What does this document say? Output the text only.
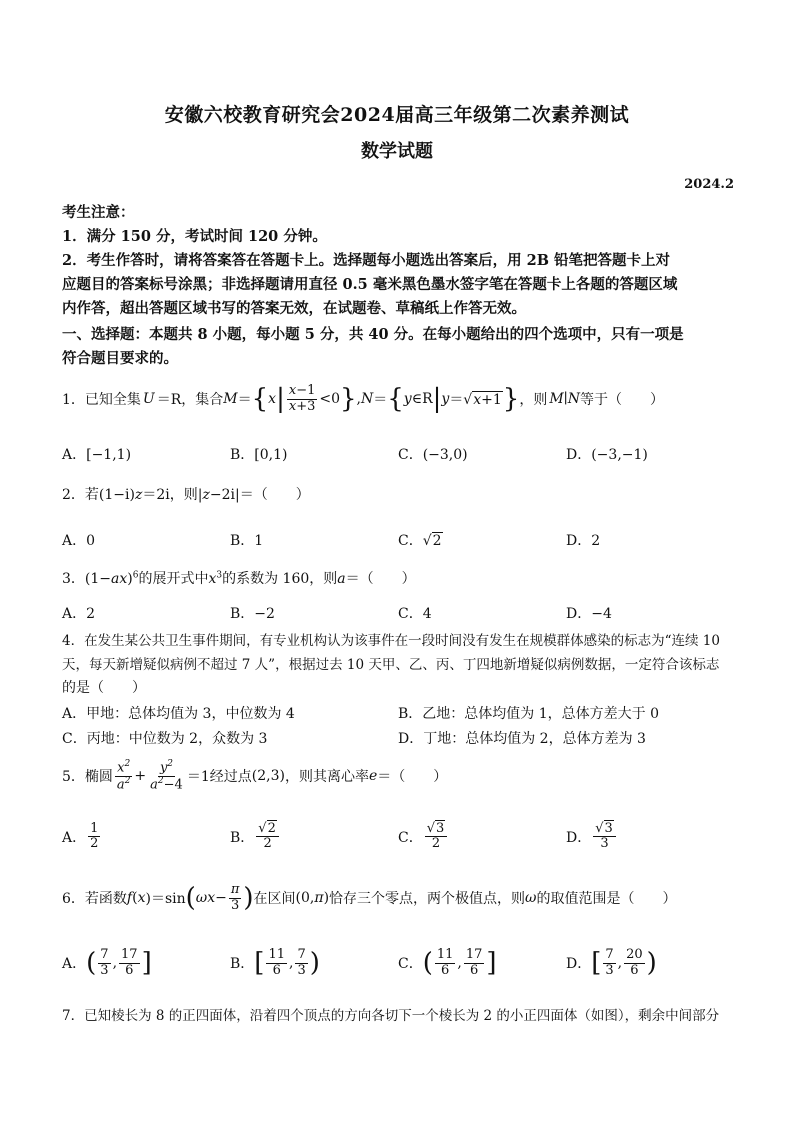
安徽六校教育研究会2024届高三年级第二次素养测试
数学试题
2024.2
考生注意：
1．满分 150 分，考试时间 120 分钟。
2．考生作答时，请将答案答在答题卡上。选择题每小题选出答案后，用 2B 铅笔把答题卡上对
应题目的答案标号涂黑；非选择题请用直径 0.5 毫米黑色墨水签字笔在答题卡上各题的答题区域
内作答，超出答题区域书写的答案无效，在试题卷、草稿纸上作答无效。
一、选择题：本题共 8 小题，每小题 5 分，共 40 分。在每小题给出的四个选项中，只有一项是
符合题目要求的。
1．已知全集 U ＝R ，集合 M ＝ { x | $\frac{x-1}{x+3} <0$ } , N ＝ { y ∈R | y ＝√ x+1 } ，则 M ∣ N 等于（　　）
A．[−1,1)	B．[0,1)	C．(−3,0)	D．(−3,−1)
2．若(1−i)z＝2i，则|z−2i|＝（　　）
A．0	B．1	C．√2	D．2
3．$(1-ax)^6$的展开式中$x^3$的系数为 160，则a＝（　　）
A．2	B．−2	C．4	D．−4
4．在发生某公共卫生事件期间，有专业机构认为该事件在一段时间没有发生在规模群体感染的标志为“连续 10
天，每天新增疑似病例不超过 7 人”，根据过去 10 天甲、乙、丙、丁四地新增疑似病例数据，一定符合该标志
的是（　　）
A．甲地：总体均值为 3，中位数为 4	B．乙地：总体均值为 1，总体方差大于 0
C．丙地：中位数为 2，众数为 3	D．丁地：总体均值为 2，总体方差为 3
5．椭圆 $\frac{x^2}{a^2} + \frac{y^2}{a^2-4} =1$ 经过点 (2,3) ，则其离心率 e ＝（　　）
A． $\frac{1}{2}$	B． $\frac{√2}{2}$	C． $\frac{√3}{2}$	D． $\frac{√3}{3}$
6．若函数 f ( x )＝sin ( $\omega x - \frac{\pi}{3}$ ) 在区间 (0, π ) 恰存三个零点，两个极值点，则 ω 的取值范围是（　　）
A． ( $\frac{7}{3}$ , $\frac{17}{6}$ ]	B． [ $\frac{11}{6}$ , $\frac{7}{3}$ )	C． ( $\frac{11}{6}$ , $\frac{17}{6}$ ]	D． [ $\frac{7}{3}$ , $\frac{20}{6}$ )
7．已知棱长为 8 的正四面体，沿着四个顶点的方向各切下一个棱长为 2 的小正四面体（如图），剩余中间部分
